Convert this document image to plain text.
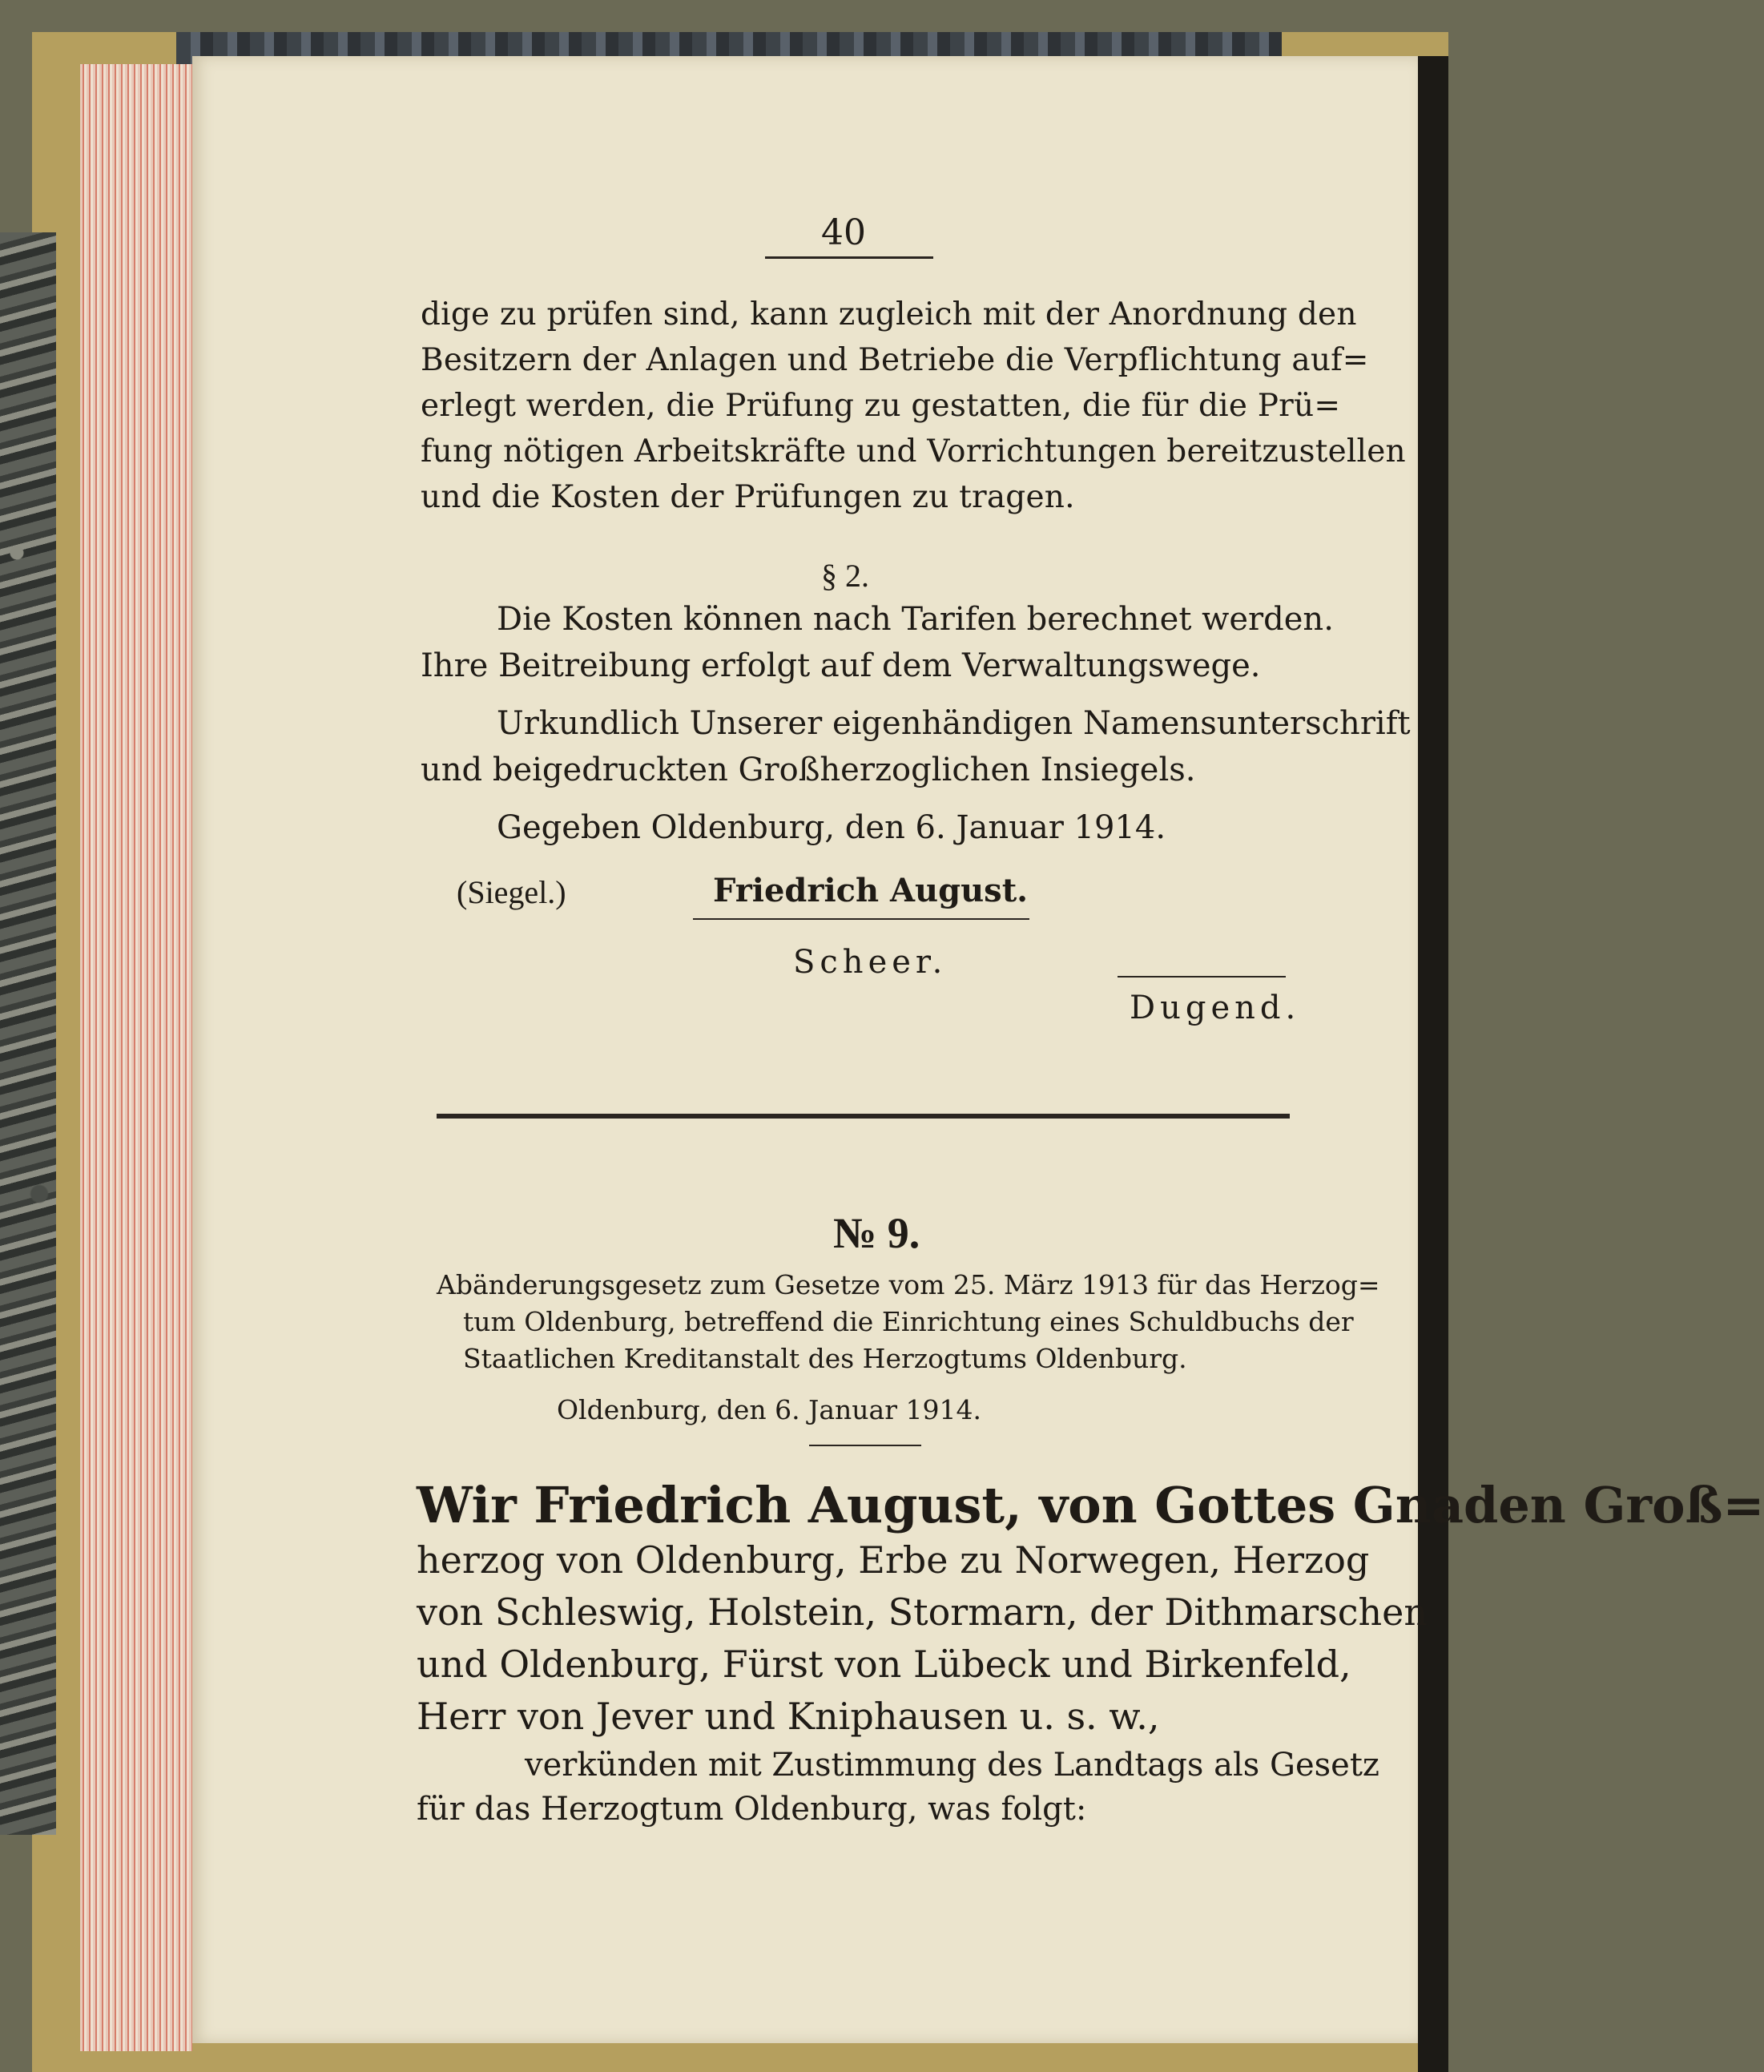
40
dige zu prüfen sind, kann zugleich mit der Anordnung den
Besitzern der Anlagen und Betriebe die Verpflichtung auf=
erlegt werden, die Prüfung zu gestatten, die für die Prü=
fung nötigen Arbeitskräfte und Vorrichtungen bereitzustellen
und die Kosten der Prüfungen zu tragen.
§ 2.
Die Kosten können nach Tarifen berechnet werden.
Ihre Beitreibung erfolgt auf dem Verwaltungswege.
Urkundlich Unserer eigenhändigen Namensunterschrift
und beigedruckten Großherzoglichen Insiegels.
Gegeben Oldenburg, den 6. Januar 1914.
(Siegel.)	Friedrich August.
Scheer.
Dugend.
№ 9.
Abänderungsgesetz zum Gesetze vom 25. März 1913 für das Herzog=
tum Oldenburg, betreffend die Einrichtung eines Schuldbuchs der
Staatlichen Kreditanstalt des Herzogtums Oldenburg.
Oldenburg, den 6. Januar 1914.
Wir Friedrich August, von Gottes Gnaden Groß=
herzog von Oldenburg, Erbe zu Norwegen, Herzog
von Schleswig, Holstein, Stormarn, der Dithmarschen
und Oldenburg, Fürst von Lübeck und Birkenfeld,
Herr von Jever und Kniphausen u. s. w.,
verkünden mit Zustimmung des Landtags als Gesetz
für das Herzogtum Oldenburg, was folgt:
